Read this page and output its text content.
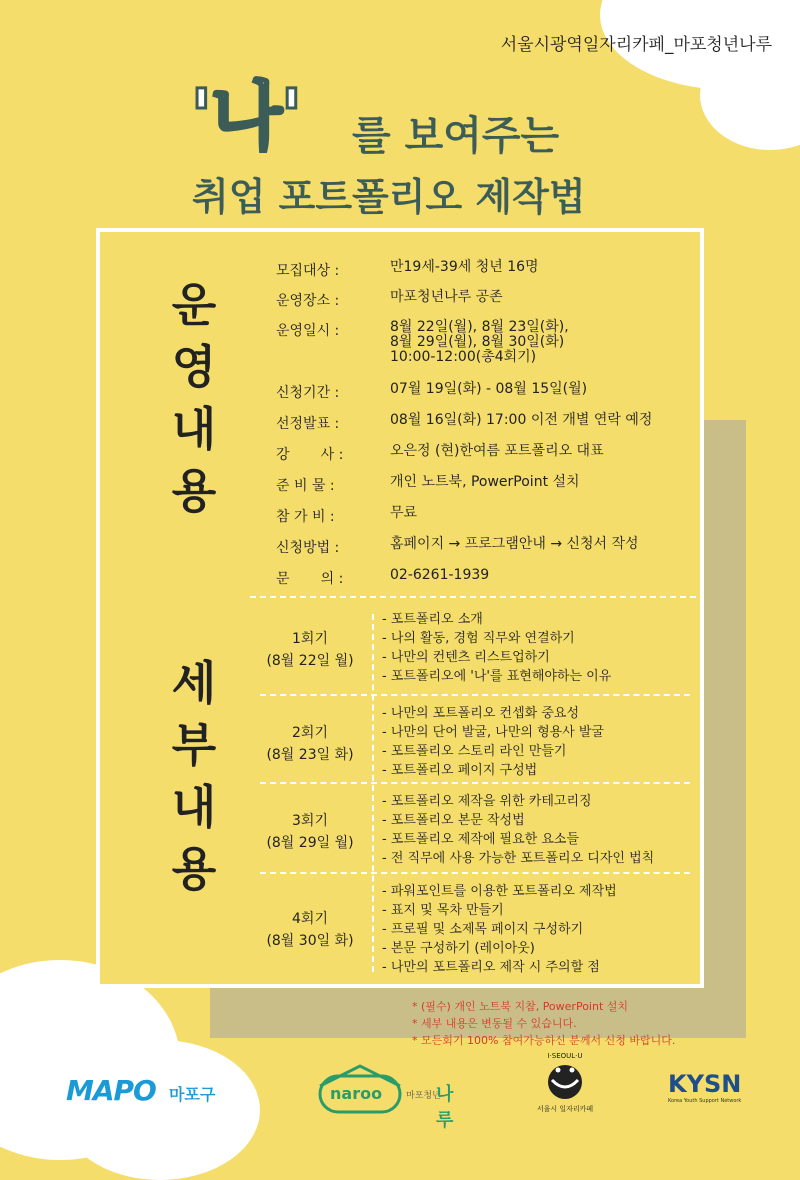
서울시광역일자리카페_마포청년나루
'나' 를 보여주는
취업 포트폴리오 제작법
운
영
내
용
세
부
내
용
모집대상 :	만19세-39세 청년 16명
운영장소 :	마포청년나루 공존
운영일시 :	8월 22일(월), 8월 23일(화),
8월 29일(월), 8월 30일(화)
10:00-12:00(총4회기)
신청기간 :	07월 19일(화) - 08월 15일(월)
선정발표 :	08월 16일(화) 17:00 이전 개별 연락 예정
강       사 :	오은정 (현)한여름 포트폴리오 대표
준 비 물 :	개인 노트북, PowerPoint 설치
참 가 비 :	무료
신청방법 :	홈페이지 → 프로그램안내 → 신청서 작성
문       의 :	02-6261-1939
1회기
(8월 22일 월)
- 포트폴리오 소개
- 나의 활동, 경험 직무와 연결하기
- 나만의 컨텐츠 리스트업하기
- 포트폴리오에 '나'를 표현해야하는 이유
2회기
(8월 23일 화)
- 나만의 포트폴리오 컨셉화 중요성
- 나만의 단어 발굴, 나만의 형용사 발굴
- 포트폴리오 스토리 라인 만들기
- 포트폴리오 페이지 구성법
3회기
(8월 29일 월)
- 포트폴리오 제작을 위한 카테고리징
- 포트폴리오 본문 작성법
- 포트폴리오 제작에 필요한 요소들
- 전 직무에 사용 가능한 포트폴리오 디자인 법칙
4회기
(8월 30일 화)
- 파워포인트를 이용한 포트폴리오 제작법
- 표지 및 목차 만들기
- 프로필 및 소제목 페이지 구성하기
- 본문 구성하기 (레이아웃)
- 나만의 포트폴리오 제작 시 주의할 점
* (필수) 개인 노트북 지참, PowerPoint 설치
* 세부 내용은 변동될 수 있습니다.
* 모든회기 100% 참여가능하신 분께서 신청 바랍니다.
MAPO 마포구	naroo	마포청년
나루
I·SEOUL·U
서울시 일자리카페
KYSN
Korea Youth Support Network
